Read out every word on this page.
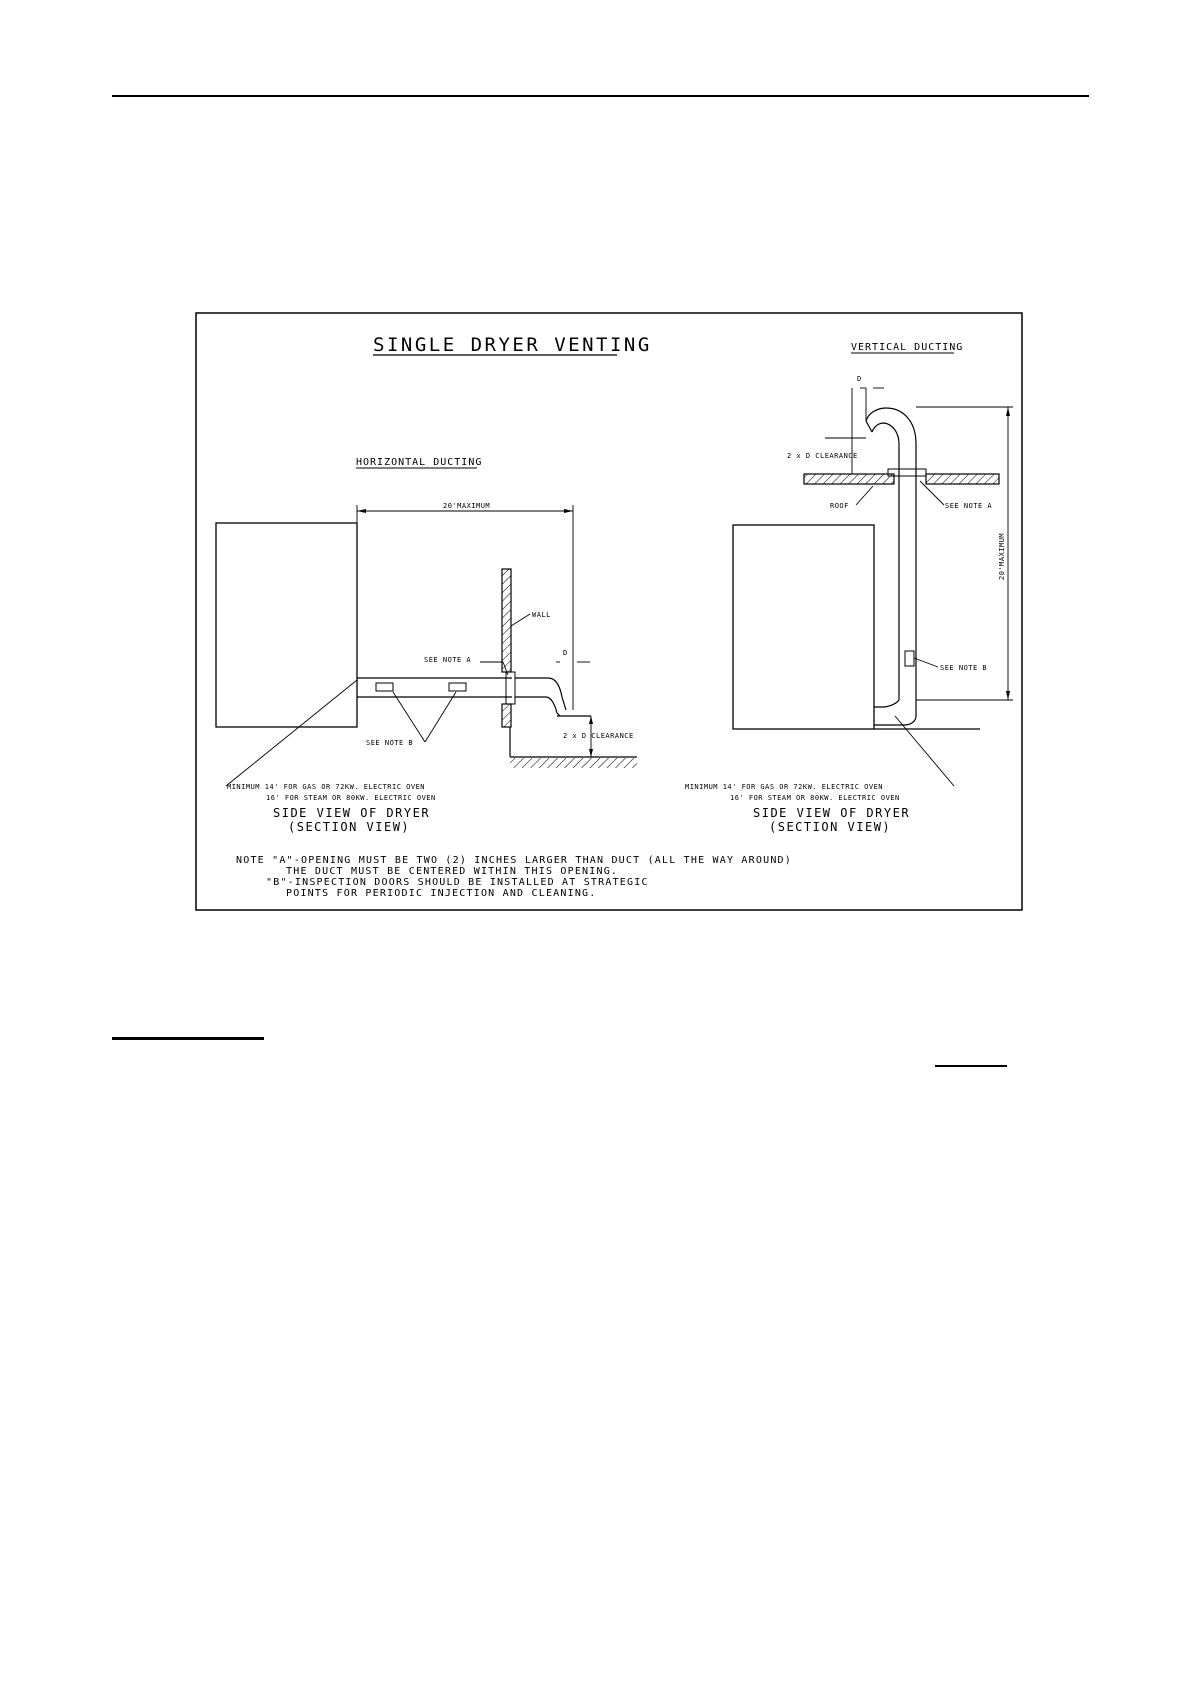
SINGLE DRYER VENTING
HORIZONTAL DUCTING
20'MAXIMUM
D
2 x D CLEARANCE
WALL
SEE NOTE A
SEE NOTE B
MINIMUM 14' FOR GAS OR 72KW. ELECTRIC OVEN
16' FOR STEAM OR 80KW. ELECTRIC OVEN
SIDE VIEW OF DRYER
(SECTION VIEW)
VERTICAL DUCTING
D
2 x D CLEARANCE
20'MAXIMUM
ROOF	SEE NOTE A
SEE NOTE B
MINIMUM 14' FOR GAS OR 72KW. ELECTRIC OVEN
16' FOR STEAM OR 80KW. ELECTRIC OVEN
SIDE VIEW OF DRYER
(SECTION VIEW)
NOTE "A"-OPENING MUST BE TWO (2) INCHES LARGER THAN DUCT (ALL THE WAY AROUND)
THE DUCT MUST BE CENTERED WITHIN THIS OPENING.
"B"-INSPECTION DOORS SHOULD BE INSTALLED AT STRATEGIC
POINTS FOR PERIODIC INJECTION AND CLEANING.
